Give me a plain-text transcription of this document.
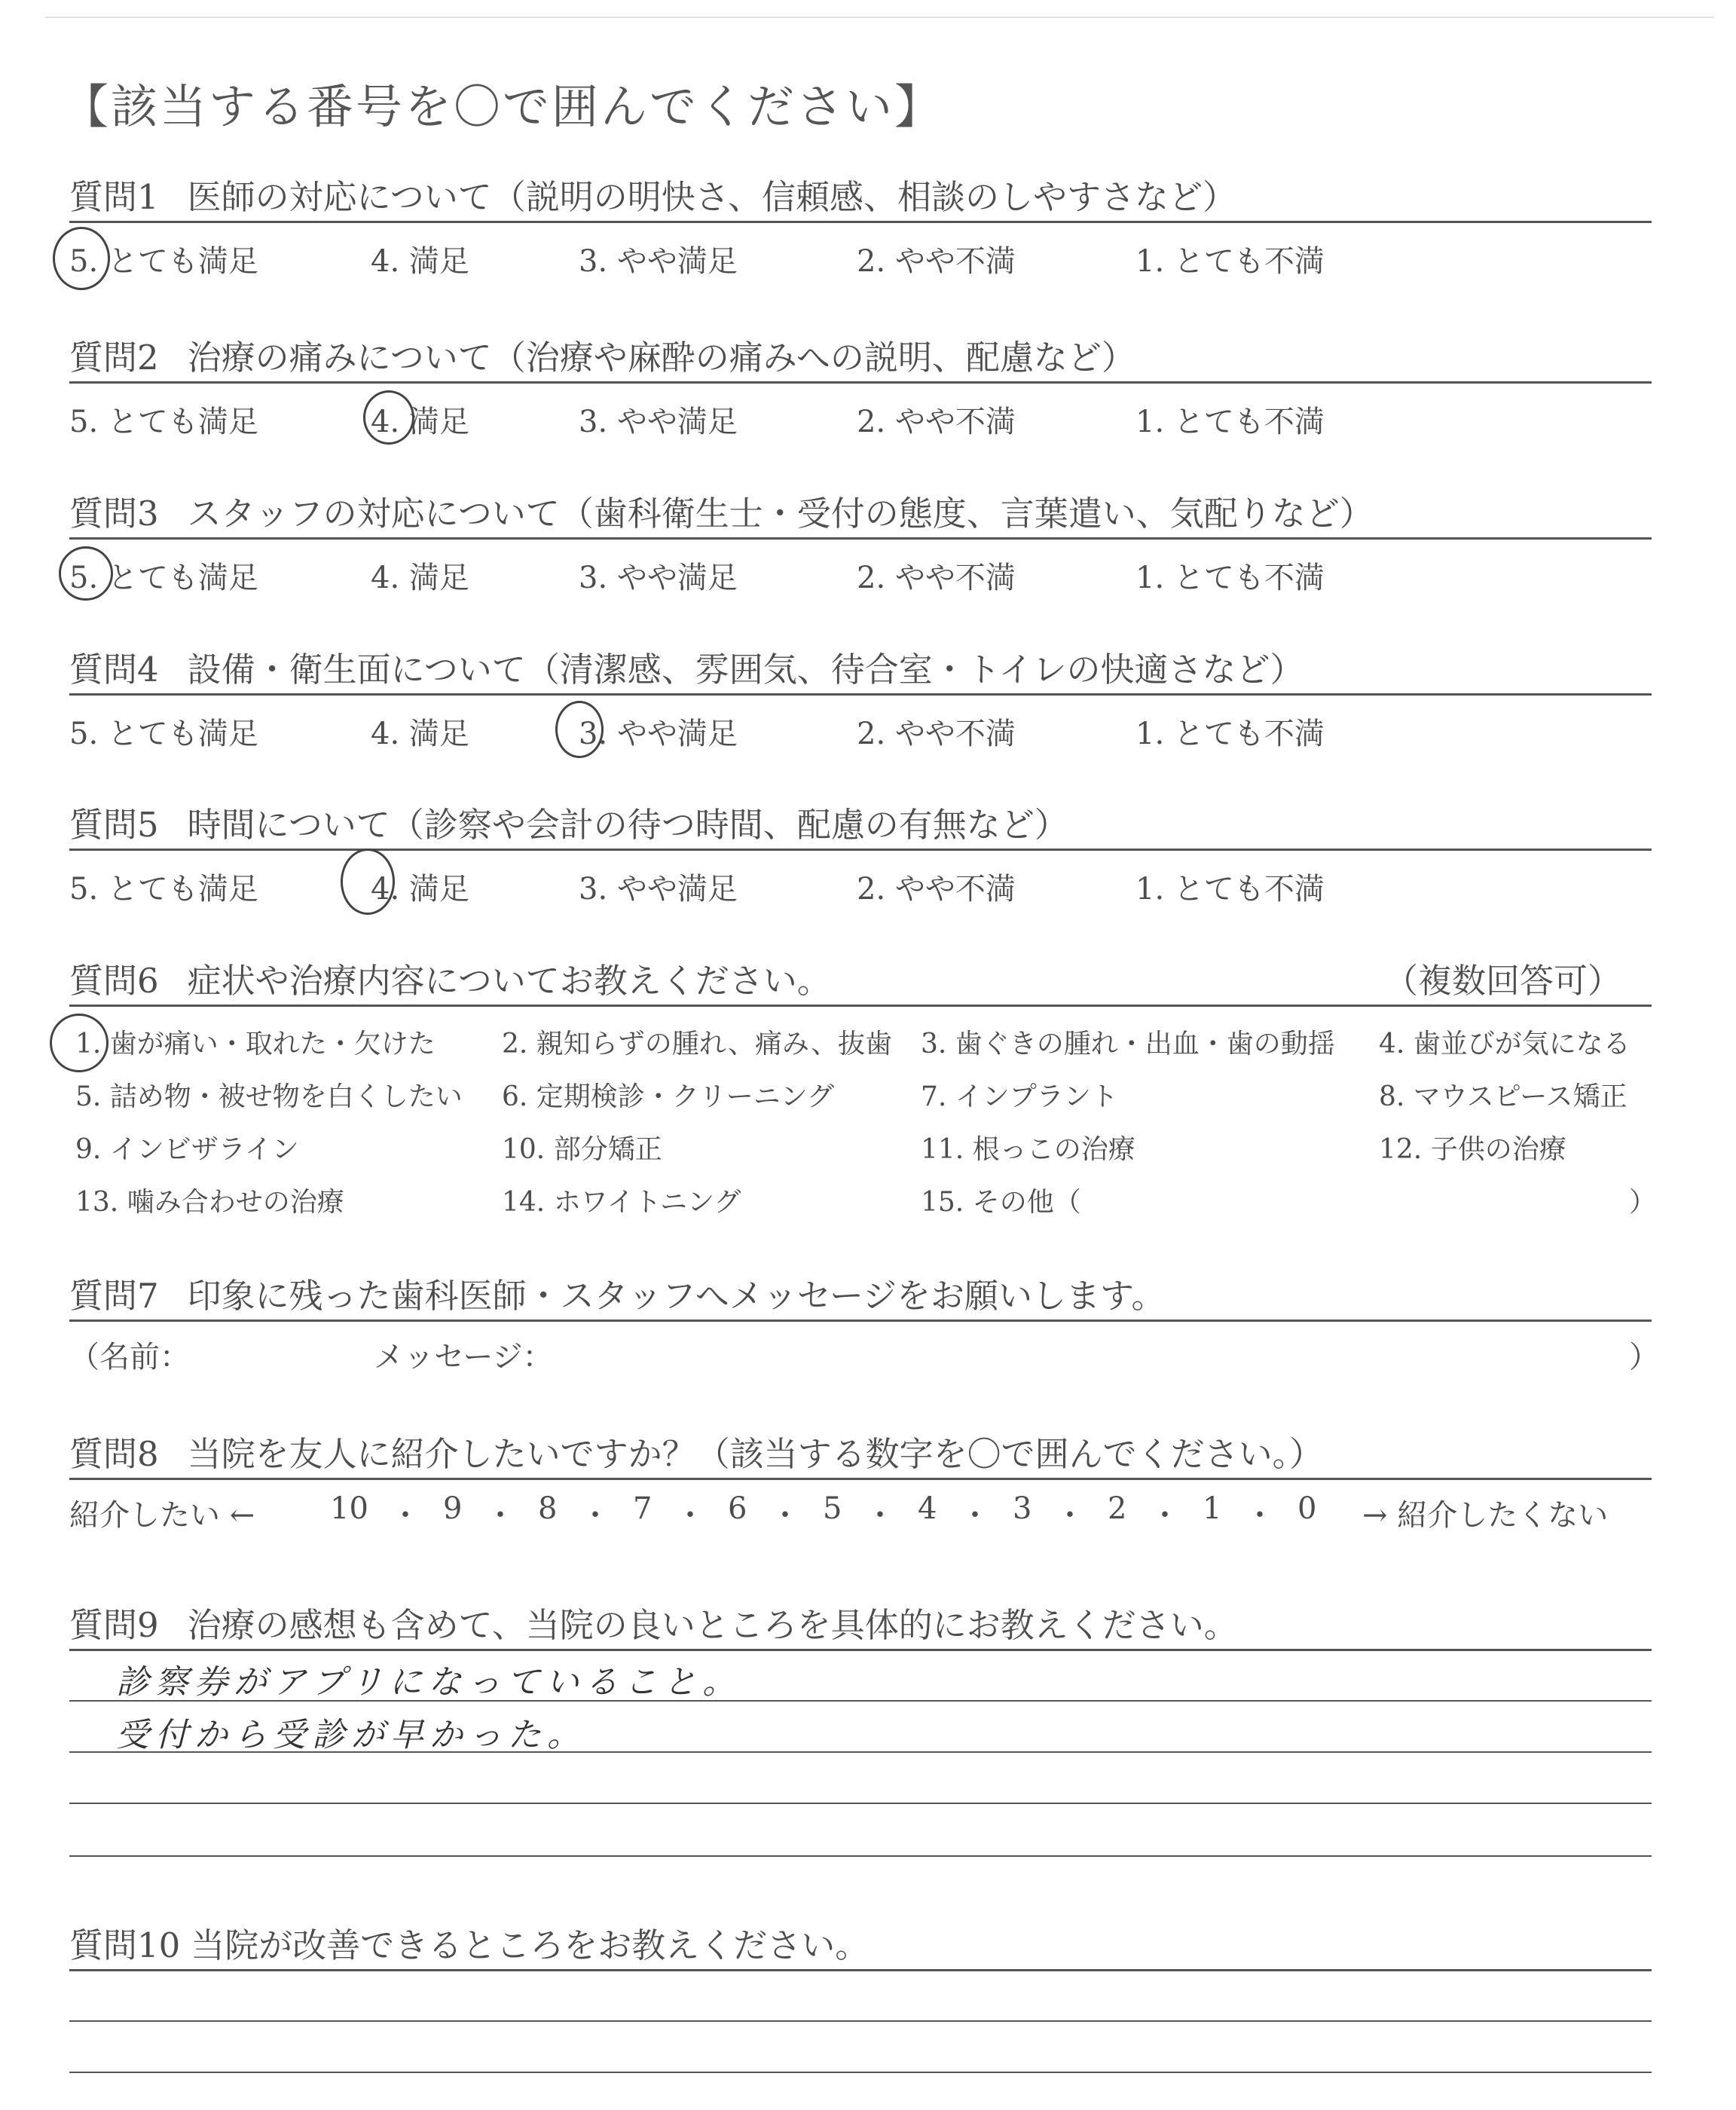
【該当する番号を〇で囲んでください】
質問1 医師の対応について（説明の明快さ、信頼感、相談のしやすさなど）
5. とても満足	4. 満足	3. やや満足	2. やや不満	1. とても不満
質問2 治療の痛みについて（治療や麻酔の痛みへの説明、配慮など）
5. とても満足	4. 満足	3. やや満足	2. やや不満	1. とても不満
質問3 スタッフの対応について（歯科衛生士・受付の態度、言葉遣い、気配りなど）
5. とても満足	4. 満足	3. やや満足	2. やや不満	1. とても不満
質問4 設備・衛生面について（清潔感、雰囲気、待合室・トイレの快適さなど）
5. とても満足	4. 満足	3. やや満足	2. やや不満	1. とても不満
質問5 時間について（診察や会計の待つ時間、配慮の有無など）
5. とても満足	4. 満足	3. やや満足	2. やや不満	1. とても不満
質問6 症状や治療内容についてお教えください。	（複数回答可）
1. 歯が痛い・取れた・欠けた 2. 親知らずの腫れ、痛み、抜歯 3. 歯ぐきの腫れ・出血・歯の動揺 4. 歯並びが気になる
5. 詰め物・被せ物を白くしたい 6. 定期検診・クリーニング	7. インプラント	8. マウスピース矯正
9. インビザライン	10. 部分矯正	11. 根っこの治療	12. 子供の治療
13. 噛み合わせの治療	14. ホワイトニング	15. その他（	）
質問7 印象に残った歯科医師・スタッフへメッセージをお願いします。
（名前：	メッセージ：	）
質問8 当院を友人に紹介したいですか？（該当する数字を〇で囲んでください。）
紹介したい ← 10 ・ 9 ・ 8 ・ 7 ・ 6 ・ 5 ・ 4 ・ 3 ・ 2 ・ 1 ・ 0 → 紹介したくない
質問9 治療の感想も含めて、当院の良いところを具体的にお教えください。
診察券がアプリになっていること。
受付から受診が早かった。
質問10 当院が改善できるところをお教えください。
